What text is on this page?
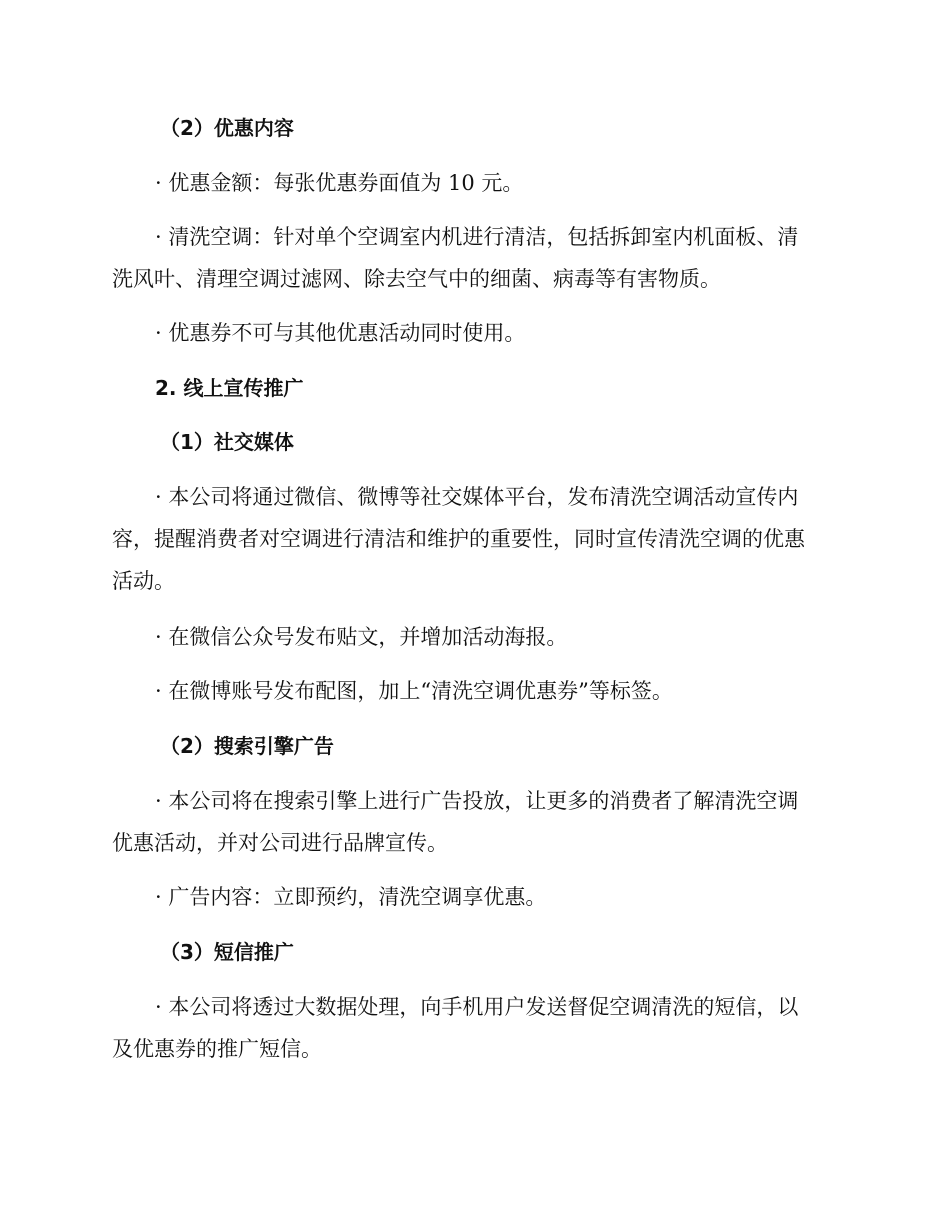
（2）优惠内容
· 优惠金额：每张优惠券面值为 10 元。
· 清洗空调：针对单个空调室内机进行清洁，包括拆卸室内机面板、清
洗风叶、清理空调过滤网、除去空气中的细菌、病毒等有害物质。
· 优惠券不可与其他优惠活动同时使用。
2. 线上宣传推广
（1）社交媒体
· 本公司将通过微信、微博等社交媒体平台，发布清洗空调活动宣传内
容，提醒消费者对空调进行清洁和维护的重要性，同时宣传清洗空调的优惠
活动。
· 在微信公众号发布贴文，并增加活动海报。
· 在微博账号发布配图，加上“清洗空调优惠券”等标签。
（2）搜索引擎广告
· 本公司将在搜索引擎上进行广告投放，让更多的消费者了解清洗空调
优惠活动，并对公司进行品牌宣传。
· 广告内容：立即预约，清洗空调享优惠。
（3）短信推广
· 本公司将透过大数据处理，向手机用户发送督促空调清洗的短信，以
及优惠券的推广短信。
